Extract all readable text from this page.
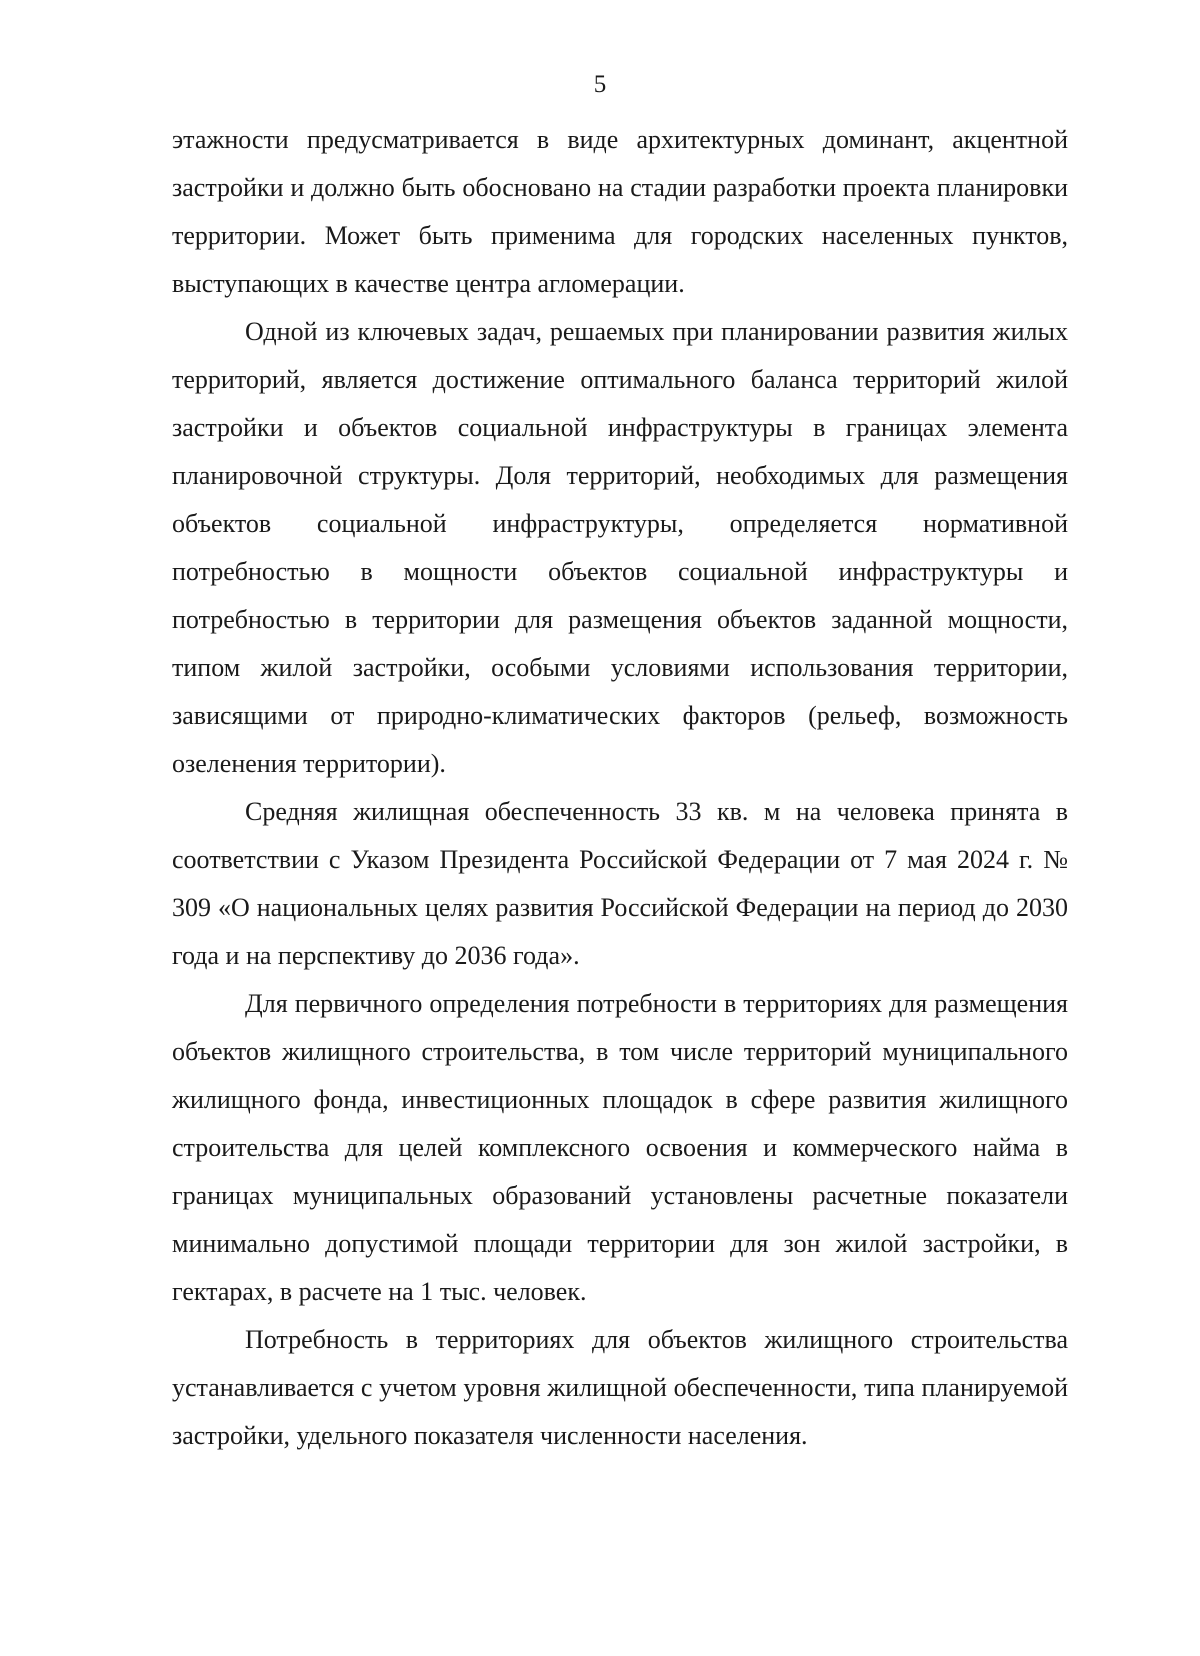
5

этажности предусматривается в виде архитектурных доминант, акцентной застройки и должно быть обосновано на стадии разработки проекта планировки территории. Может быть применима для городских населенных пунктов, выступающих в качестве центра агломерации.

Одной из ключевых задач, решаемых при планировании развития жилых территорий, является достижение оптимального баланса территорий жилой застройки и объектов социальной инфраструктуры в границах элемента планировочной структуры. Доля территорий, необходимых для размещения объектов социальной инфраструктуры, определяется нормативной потребностью в мощности объектов социальной инфраструктуры и потребностью в территории для размещения объектов заданной мощности, типом жилой застройки, особыми условиями использования территории, зависящими от природно-климатических факторов (рельеф, возможность озеленения территории).

Средняя жилищная обеспеченность 33 кв. м на человека принята в соответствии с Указом Президента Российской Федерации от 7 мая 2024 г. № 309 «О национальных целях развития Российской Федерации на период до 2030 года и на перспективу до 2036 года».

Для первичного определения потребности в территориях для размещения объектов жилищного строительства, в том числе территорий муниципального жилищного фонда, инвестиционных площадок в сфере развития жилищного строительства для целей комплексного освоения и коммерческого найма в границах муниципальных образований установлены расчетные показатели минимально допустимой площади территории для зон жилой застройки, в гектарах, в расчете на 1 тыс. человек.

Потребность в территориях для объектов жилищного строительства устанавливается с учетом уровня жилищной обеспеченности, типа планируемой застройки, удельного показателя численности населения.
